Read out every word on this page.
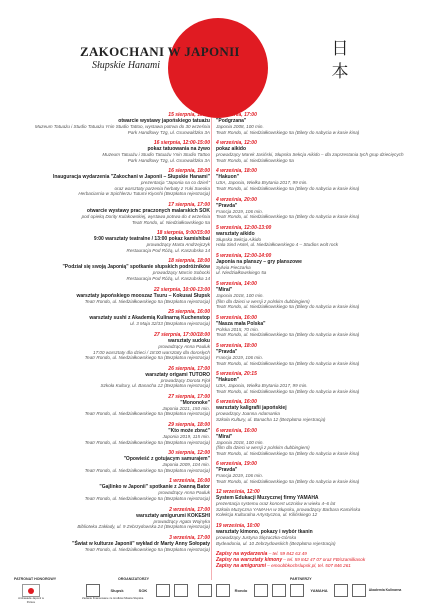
ZAKOCHANI W JAPONII
Słupskie Hanami
日
本
15 sierpnia, 18:00
otwarcie wystawy japońskiego tatuażu
Muzeum Tatuażu i Studio Tatuażu Ynin Studio Tattoo, wystawa potrwa do 30 września
Park Handlowy Tzg, ul. Grunwaldzka 3A
16 sierpnia, 12:00-15:00
pokaz tatuowania na żywo
Muzeum Tatuażu i Studio Tatuażu Ynin Studio Tattoo
Park Handlowy Tzg, ul. Grunwaldzka 3A
16 sierpnia, 18:00
Inauguracja wydarzenia "Zakochani w Japonii – Słupskie Hanami"
prezentacja "Japonia na co dzień"
oraz warsztaty parzenia herbaty z Yuki Sueoka
Herbaciarnia w Spichlerzu Tutumi Kiyoshi (Bezpłatna rejestracja)
17 sierpnia, 17:00
otwarcie wystawy prac praczonych malarskich SOK
pod opieką Dority Kulakowskiej, wystawa potrwa do 4 września
Teatr Rondo, ul. Niedziałkowskiego 5a
18 sierpnia, 9:00/15:00
9:00 warsztaty teatralne / 13:00 pokaz kamishibai
prowadzący Marta Andrzejczyk
Restauracja Pod Różą, ul. Kaszubska 14
18 sierpnia, 18:00
"Podział się swoją Japonią" spotkanie słupskich podróżników
prowadzący Marcin Sobocki
Restauracja Pod Różą, ul. Kaszubska 14
22 sierpnia, 10:00-13:00
warsztaty japońskiego mooszaz Tsuru – Kokusai Słupsk
Teatr Rondo, ul. Niedziałkowskiego 5a (Bezpłatna rejestracja)
25 sierpnia, 16:00
warsztaty sushi z Akademią Kulinarną Kuchenstop
ul. 3 Maja 32/33 (Bezpłatna rejestracja)
27 sierpnia, 17:00/18:00
warsztaty sudoku
prowadzący Anna Pauluk
17:00 warsztaty dla dzieci / 18:00 warsztaty dla dorosłych
Teatr Rondo, ul. Niedziałkowskiego 5a (Bezpłatna rejestracja)
26 sierpnia, 17:00
warsztaty origami TUTORO
prowadzący Dorota Fijoł
Szkoła Kultury, ul. Banacha 12 (Bezpłatna rejestracja)
27 sierpnia, 17:00
"Mononoke"
Japonia 2021, 150 min.
Teatr Rondo, ul. Niedziałkowskiego 5a (Bezpłatna rejestracja)
29 sierpnia, 18:00
"Kto może zbrać"
Japonia 2019, 115 min.
Teatr Rondo, ul. Niedziałkowskiego 5a (Bezpłatna rejestracja)
30 sierpnia, 12:00
"Opowieść z gotujacym samurajem"
Japonia 2009, 104 min.
Teatr Rondo, ul. Niedziałkowskiego 5a (Bezpłatna rejestracja)
1 września, 16:00
"Gajlinko w Japonii" spotkanie z Joanną Bator
prowadzący Anna Pauluk
Teatr Rondo, ul. Niedziałkowskiego 5a (Bezpłatna rejestracja)
2 września, 17:00
warsztaty amigurumi KOKESHI
prowadzący Agata Wojnyka
Biblioteka Zakłady, ul. 9 Zebrzydowska 24 (Bezpłatna rejestracja)
3 września, 17:00
"Świat w kulturze Japonii" wykład dr Marty Anny Sołopaty
Teatr Rondo, ul. Niedziałkowskiego 5a (Bezpłatna rejestracja)
3 września, 17:00
"Podgrzana"
Japonia 2008, 100 min.
Teatr Rondo, ul. Niedziałkowskiego 5a (Bilety do nabycia w kasie kina)
4 września, 12:00
pokaz aikido
prowadzący Marek Jasiński, Słupska Sekcja Aikido – dla zaprzestania tych grup dziecięcych
Teatr Rondo, ul. Niedziałkowskiego 5a
4 września, 18:00
"Hakuon"
USA, Japonia, Wielka Brytania 2017, 99 min.
Teatr Rondo, ul. Niedziałkowskiego 5a (Bilety do nabycia w kasie kina)
4 września, 20:00
"Pravda"
Francja 2019, 106 min.
Teatr Rondo, ul. Niedziałkowskiego 5a (Bilety do nabycia w kasie kina)
5 września, 12:00-13:00
warsztaty aikido
Słupska Sekcja Aikido
Hala Sind Hotel, ul. Niedziałkowskiego 4 – Studios wolt rock
5 września, 12:00-14:00
Japonia na planszy – gry planszowe
Sylwia Pieczarka
ul. Niedziałkowskiego 5a
5 września, 14:00
"Mirai"
Japonia 2018, 100 min.
(film dla dzieci w wersji z polskim dubbingiem)
Teatr Rondo, ul. Niedziałkowskiego 5a (Bilety do nabycia w kasie kina)
5 września, 16:00
"Nasza mała Polska"
Polska 2015, 70 min.
Teatr Rondo, ul. Niedziałkowskiego 5a (Bilety do nabycia w kasie kina)
5 września, 18:00
"Pravda"
Francja 2019, 106 min.
Teatr Rondo, ul. Niedziałkowskiego 5a (Bilety do nabycia w kasie kina)
5 września, 20:15
"Hakuon"
USA, Japonia, Wielka Brytania 2017, 99 min.
Teatr Rondo, ul. Niedziałkowskiego 5a (Bilety do nabycia w kasie kina)
6 września, 16:00
warsztaty kaligrafii japońskiej
prowadzący Joanna Adamanka
Szkoła Kultury, ul. Banacha 12 (Bezpłatna rejestracja)
6 września, 16:00
"Mirai"
Japonia 2018, 100 min.
(film dla dzieci w wersji z polskim dubbingiem)
Teatr Rondo, ul. Niedziałkowskiego 5a (Bilety do nabycia w kasie kina)
6 września, 19:00
"Pravda"
Francja 2019, 106 min.
Teatr Rondo, ul. Niedziałkowskiego 5a (Bilety do nabycia w kasie kina)
12 września, 12:00
System Edukacji Muzycznej firmy YAMAHA
prezentacja systemu oraz koncert uczniów w wieku 4–6 lat
Szkoła Muzyczna YAMAHA w Słupsku, prowadzący Barbara Kamińska
Kolekcja Kulturalna Artystyczna, ul. Kilińskiego 12
19 września, 10:00
warsztaty kimono, pokazy i wybór tkanin
prowadzący Justyna Ślęzaczka-Górska
Bydeadonia, ul. 10 Zebrzydowskich (Bezpłatna rejestracja)
Zapisy na wydarzenia – tel. 59 842 63 49
Zapisy na warsztaty kimony – tel. 59 842 47 07 oraz FB/szamilkasok
Zapisy na amigurumi – emoobbkochslupsk.pl, tel. 507 846 261
PATRONAT HONOROWY	ORGANIZATORZY	PARTNERZY
Ambasada Japonii w Polsce
Słupsk	SOK	Rondo	YAMAHA	Akademia Kulinarna
Zadanie finansowane ze środków Miasta Słupska
